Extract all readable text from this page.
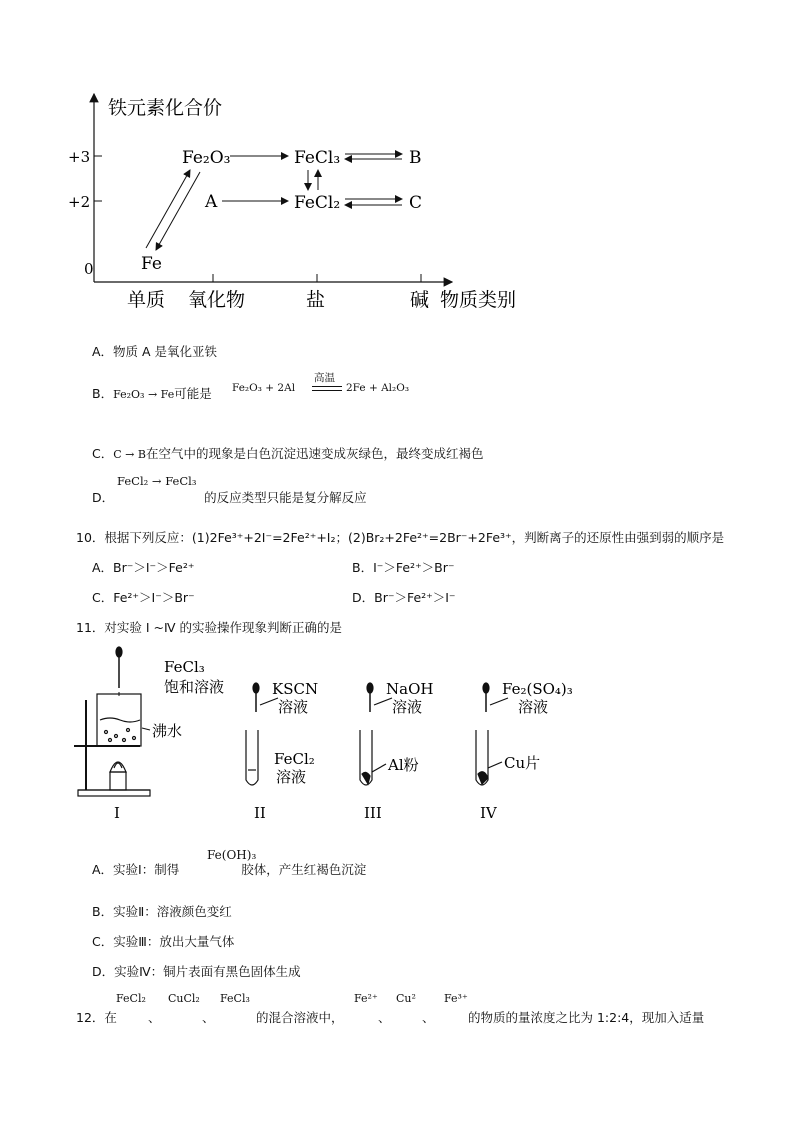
铁元素化合价
+3
+2
0
单质 氧化物	盐	碱 物质类别
Fe₂O₃	FeCl₃	B
A	FeCl₂	C
Fe
A．物质 A 是氧化亚铁
B．Fe₂O₃ → Fe可能是 Fe₂O₃ + 2Al
高温
2Fe + Al₂O₃
C．C → B在空气中的现象是白色沉淀迅速变成灰绿色，最终变成红褐色
FeCl₂ → FeCl₃
D．	的反应类型只能是复分解反应
10．根据下列反应：(1)2Fe³⁺+2I⁻=2Fe²⁺+I₂；(2)Br₂+2Fe²⁺=2Br⁻+2Fe³⁺，判断离子的还原性由强到弱的顺序是
A．Br⁻＞I⁻＞Fe²⁺	B．I⁻＞Fe²⁺＞Br⁻
C．Fe²⁺＞I⁻＞Br⁻	D．Br⁻＞Fe²⁺＞I⁻
11．对实验 Ⅰ ~Ⅳ 的实验操作现象判断正确的是
FeCl₃
饱和溶液
沸水
KSCN
溶液
FeCl₂
溶液
NaOH
溶液
Al粉
Fe₂(SO₄)₃
溶液
Cu片
I	II	III	IV
Fe(OH)₃
A．实验Ⅰ：制得	胶体，产生红褐色沉淀
B．实验Ⅱ：溶液颜色变红
C．实验Ⅲ：放出大量气体
D．实验Ⅳ：铜片表面有黑色固体生成
12．在
FeCl₂
、
CuCl₂
、
FeCl₃
的混合溶液中，
Fe²⁺
、
Cu²
、
Fe³⁺
的物质的量浓度之比为 1:2:4，现加入适量
